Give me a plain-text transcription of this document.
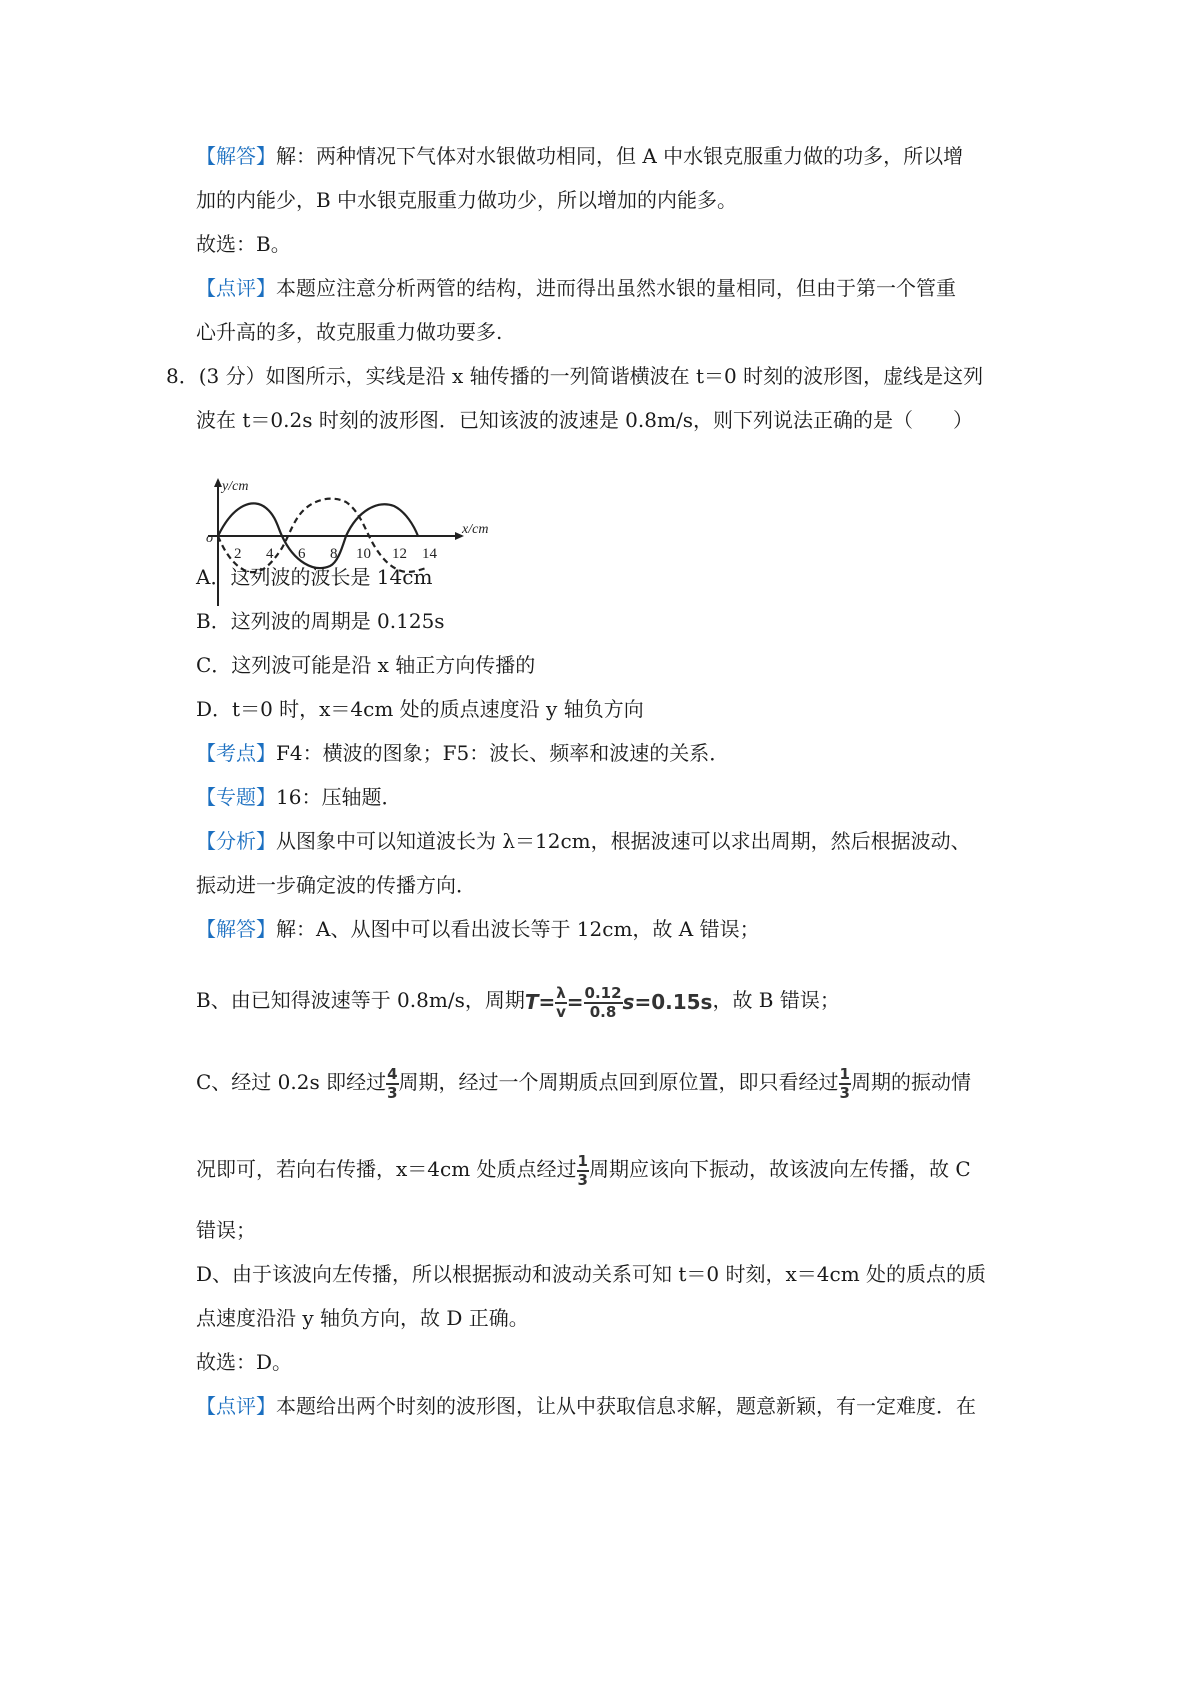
【解答】解：两种情况下气体对水银做功相同，但 A 中水银克服重力做的功多，所以增
加的内能少，B 中水银克服重力做功少，所以增加的内能多。
故选：B。
【点评】本题应注意分析两管的结构，进而得出虽然水银的量相同，但由于第一个管重
心升高的多，故克服重力做功要多.
8．(3 分）如图所示，实线是沿 x 轴传播的一列简谐横波在 t＝0 时刻的波形图，虚线是这列
波在 t＝0.2s 时刻的波形图．已知该波的波速是 0.8m/s，则下列说法正确的是（　　）
y/cm
x/cm
o
2 4 6 8 10 12 14
A．这列波的波长是 14cm
B．这列波的周期是 0.125s
C．这列波可能是沿 x 轴正方向传播的
D．t＝0 时，x＝4cm 处的质点速度沿 y 轴负方向
【考点】F4：横波的图象；F5：波长、频率和波速的关系．
【专题】16：压轴题．
【分析】从图象中可以知道波长为 λ＝12cm，根据波速可以求出周期，然后根据波动、
振动进一步确定波的传播方向．
【解答】解：A、从图中可以看出波长等于 12cm，故 A 错误；
B、由已知得波速等于 0.8m/s，周期$T= \frac{\lambda}{v} = \frac{0.12}{0.8} s=0.15s$，故 B 错误；
C、经过 0.2s 即经过 $\frac{4}{3}$ 周期，经过一个周期质点回到原位置，即只看经过 $\frac{1}{3}$ 周期的振动情
况即可，若向右传播，x＝4cm 处质点经过 $\frac{1}{3}$ 周期应该向下振动，故该波向左传播，故 C
错误；
D、由于该波向左传播，所以根据振动和波动关系可知 t＝0 时刻，x＝4cm 处的质点的质
点速度沿沿 y 轴负方向，故 D 正确。
故选：D。
【点评】本题给出两个时刻的波形图，让从中获取信息求解，题意新颖，有一定难度．在
